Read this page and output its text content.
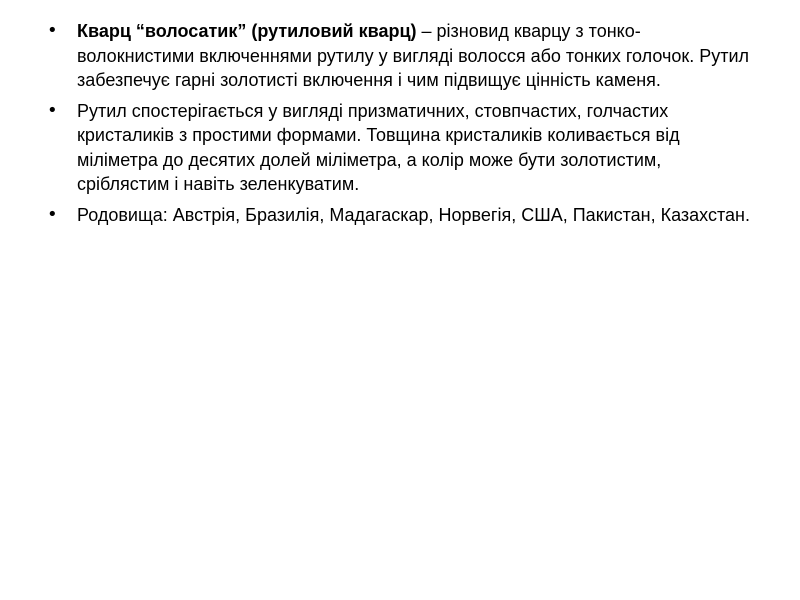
• Кварц “волосатик” (рутиловий кварц) – різновид кварцу з тонко-волокнистими включеннями рутилу у вигляді волосся або тонких голочок. Рутил забезпечує гарні золотисті включення і чим підвищує цінність каменя.
• Рутил спостерігається у вигляді призматичних, стовпчастих, голчастих кристаликів з простими формами. Товщина кристаликів коливається від міліметра до десятих долей міліметра, а колір може бути золотистим, сріблястим і навіть зеленкуватим.
• Родовища: Австрія, Бразилія, Мадагаскар, Норвегія, США, Пакистан, Казахстан.
